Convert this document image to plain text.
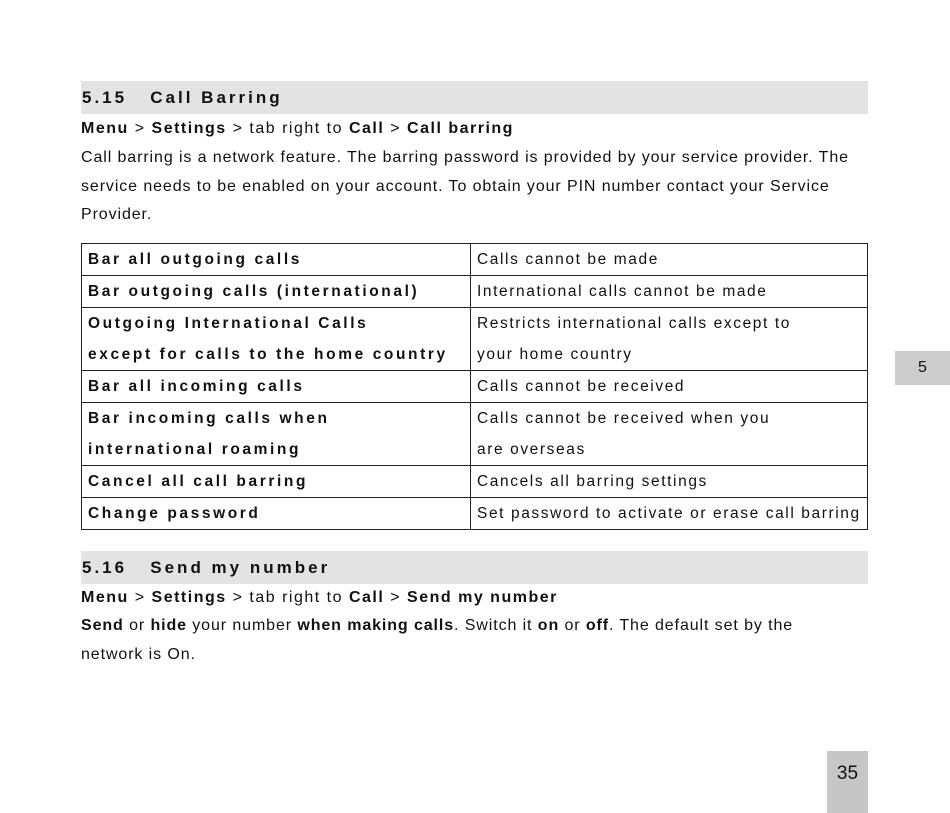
5.15 Call Barring
Menu > Settings > tab right to Call > Call barring
Call barring is a network feature. The barring password is provided by your service provider. The
service needs to be enabled on your account. To obtain your PIN number contact your Service
Provider.
Bar all outgoing calls	Calls cannot be made
Bar outgoing calls (international)	International calls cannot be made
Outgoing International Calls
except for calls to the home country	Restricts international calls except to
your home country
Bar all incoming calls	Calls cannot be received
Bar incoming calls when
international roaming	Calls cannot be received when you
are overseas
Cancel all call barring	Cancels all barring settings
Change password	Set password to activate or erase call barring
5.16 Send my number
Menu > Settings > tab right to Call > Send my number
Send or hide your number when making calls. Switch it on or off. The default set by the network is On.
5
35
